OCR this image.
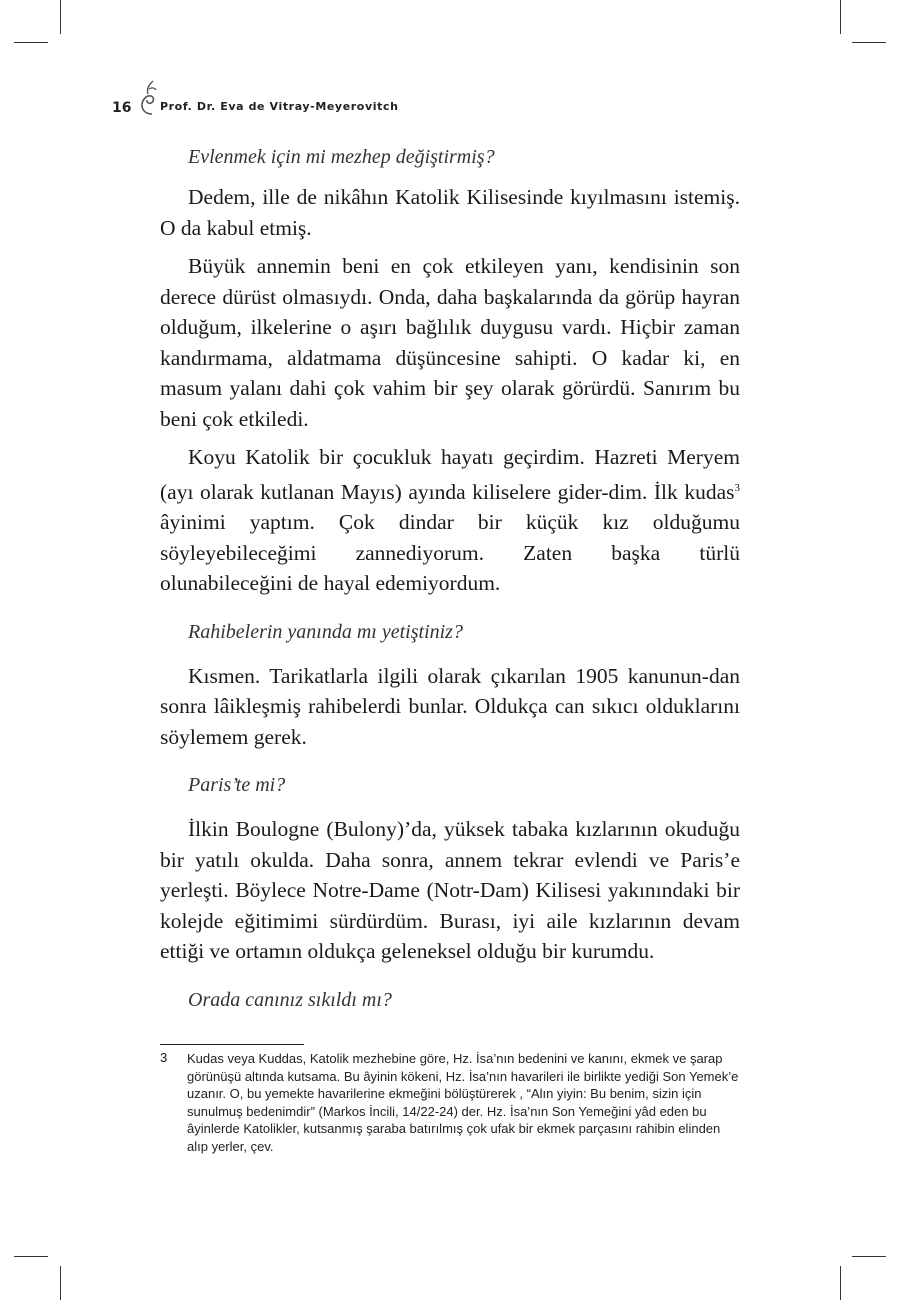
16	Prof. Dr. Eva de Vitray-Meyerovitch

Evlenmek için mi mezhep değiştirmiş?

Dedem, ille de nikâhın Katolik Kilisesinde kıyılmasını istemiş. O da kabul etmiş.

Büyük annemin beni en çok etkileyen yanı, kendisinin son derece dürüst olmasıydı. Onda, daha başkalarında da görüp hayran olduğum, ilkelerine o aşırı bağlılık duygusu vardı. Hiçbir zaman kandırmama, aldatmama düşüncesine sahipti. O kadar ki, en masum yalanı dahi çok vahim bir şey olarak görürdü. Sanırım bu beni çok etkiledi.

Koyu Katolik bir çocukluk hayatı geçirdim. Hazreti Meryem (ayı olarak kutlanan Mayıs) ayında kiliselere gider-dim. İlk kudas$^3$ âyinimi yaptım. Çok dindar bir küçük kız olduğumu söyleyebileceğimi zannediyorum. Zaten başka türlü olunabileceğini de hayal edemiyordum.

Rahibelerin yanında mı yetiştiniz?

Kısmen. Tarikatlarla ilgili olarak çıkarılan 1905 kanunun-dan sonra lâikleşmiş rahibelerdi bunlar. Oldukça can sıkıcı olduklarını söylemem gerek.

Paris’te mi?

İlkin Boulogne (Bulony)’da, yüksek tabaka kızlarının okuduğu bir yatılı okulda. Daha sonra, annem tekrar evlendi ve Paris’e yerleşti. Böylece Notre-Dame (Notr-Dam) Kilisesi yakınındaki bir kolejde eğitimimi sürdürdüm. Burası, iyi aile kızlarının devam ettiği ve ortamın oldukça geleneksel olduğu bir kurumdu.

Orada canınız sıkıldı mı?

3 Kudas veya Kuddas, Katolik mezhebine göre, Hz. İsa’nın bedenini ve kanını, ekmek ve şarap görünüşü altında kutsama. Bu âyinin kökeni, Hz. İsa’nın havarileri ile birlikte yediği Son Yemek’e uzanır. O, bu yemekte havarilerine ekmeğini bölüştürerek , “Alın yiyin: Bu benim, sizin için sunulmuş bedenimdir” (Markos İncili, 14/22-24) der. Hz. İsa’nın Son Yemeğini yâd eden bu âyinlerde Katolikler, kutsanmış şaraba batırılmış çok ufak bir ekmek parçasını rahibin elinden alıp yerler, çev.
